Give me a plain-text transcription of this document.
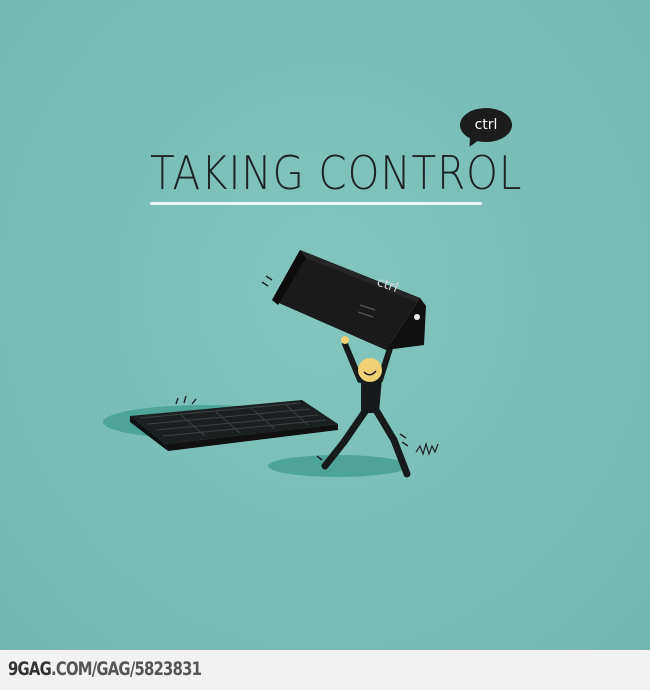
TAKING CONTROL
ctrl
ctrl
9GAG.COM/GAG/5823831
